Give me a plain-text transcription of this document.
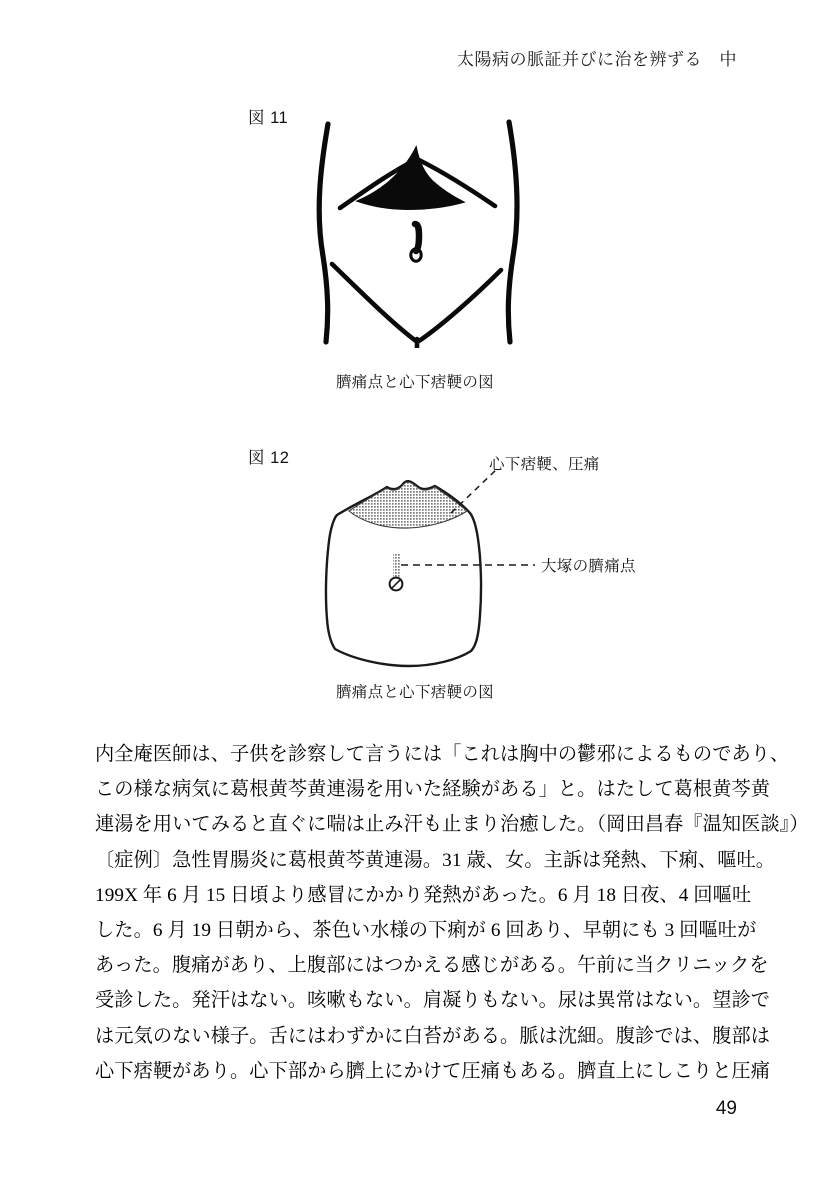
太陽病の脈証并びに治を辨ずる　中
図 11
臍痛点と心下痞鞕の図
図 12	心下痞鞕、圧痛
大塚の臍痛点
臍痛点と心下痞鞕の図
内全庵医師は、子供を診察して言うには「これは胸中の鬱邪によるものであり、
この様な病気に葛根黄芩黄連湯を用いた経験がある」と。はたして葛根黄芩黄
連湯を用いてみると直ぐに喘は止み汗も止まり治癒した。（岡田昌春『温知医談』）
〔症例〕急性胃腸炎に葛根黄芩黄連湯。31 歳、女。主訴は発熱、下痢、嘔吐。
199X 年 6 月 15 日頃より感冒にかかり発熱があった。6 月 18 日夜、4 回嘔吐
した。6 月 19 日朝から、茶色い水様の下痢が 6 回あり、早朝にも 3 回嘔吐が
あった。腹痛があり、上腹部にはつかえる感じがある。午前に当クリニックを
受診した。発汗はない。咳嗽もない。肩凝りもない。尿は異常はない。望診で
は元気のない様子。舌にはわずかに白苔がある。脈は沈細。腹診では、腹部は
心下痞鞕があり。心下部から臍上にかけて圧痛もある。臍直上にしこりと圧痛
49
